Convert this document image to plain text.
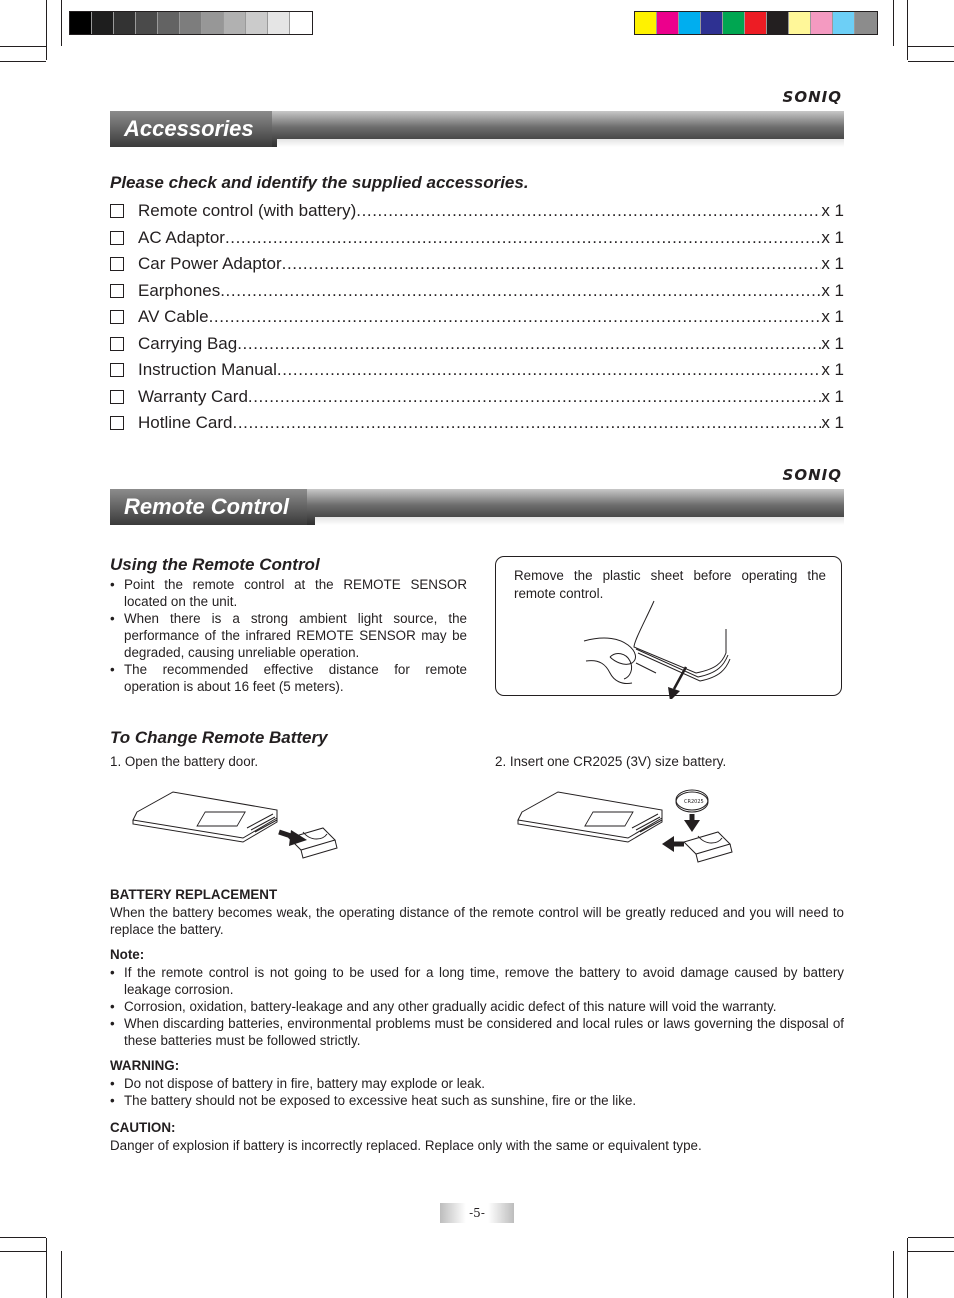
SONIQ
Accessories
Please check and identify the supplied accessories.
Remote control (with battery) .....	x 1
AC Adaptor .....	x 1
Car Power Adaptor .....	x 1
Earphones .....	x 1
AV Cable .....	x 1
Carrying Bag .....	x 1
Instruction Manual .....	x 1
Warranty Card .....	x 1
Hotline Card .....	x 1
SONIQ
Remote Control
Using the Remote Control
• Point the remote control at the REMOTE SENSOR located on the unit.
• When there is a strong ambient light source, the performance of the infrared REMOTE SENSOR may be degraded, causing unreliable operation.
• The recommended effective distance for remote operation is about 16 feet (5 meters).

Remove the plastic sheet before operating the remote control.

To Change Remote Battery
1. Open the battery door.	2. Insert one CR2025 (3V) size battery.
CR2025
BATTERY REPLACEMENT
When the battery becomes weak, the operating distance of the remote control will be greatly reduced and you will need to replace the battery.
Note:
• If the remote control is not going to be used for a long time, remove the battery to avoid damage caused by battery leakage corrosion.
• Corrosion, oxidation, battery-leakage and any other gradually acidic defect of this nature will void the warranty.
• When discarding batteries, environmental problems must be considered and local rules or laws governing the disposal of these batteries must be followed strictly.
WARNING:
• Do not dispose of battery in fire, battery may explode or leak.
• The battery should not be exposed to excessive heat such as sunshine, fire or the like.
CAUTION:
Danger of explosion if battery is incorrectly replaced. Replace only with the same or equivalent type.
-5-
